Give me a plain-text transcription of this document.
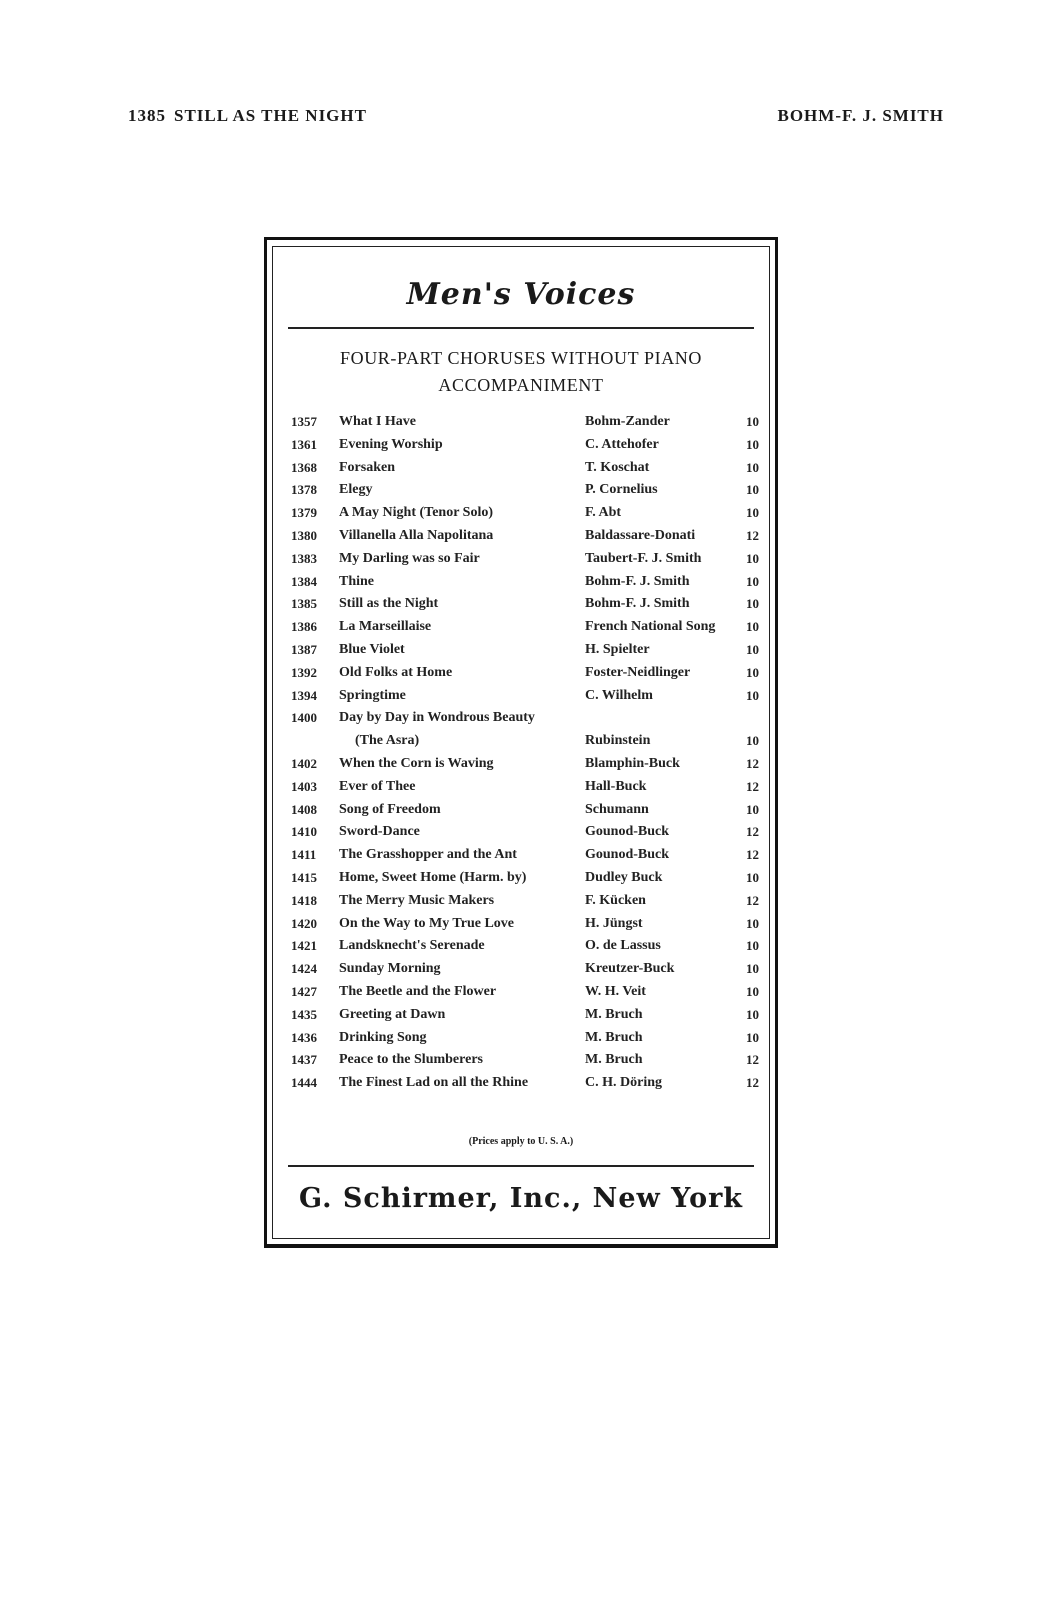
1385 STILL AS THE NIGHT	BOHM-F. J. SMITH
Men's Voices
FOUR-PART CHORUSES WITHOUT PIANO
ACCOMPANIMENT
1357	What I Have	Bohm-Zander	10
1361	Evening Worship	C. Attehofer	10
1368	Forsaken	T. Koschat	10
1378	Elegy	P. Cornelius	10
1379	A May Night (Tenor Solo)	F. Abt	10
1380	Villanella Alla Napolitana	Baldassare-Donati	12
1383	My Darling was so Fair	Taubert-F. J. Smith	10
1384	Thine	Bohm-F. J. Smith	10
1385	Still as the Night	Bohm-F. J. Smith	10
1386	La Marseillaise	French National Song	10
1387	Blue Violet	H. Spielter	10
1392	Old Folks at Home	Foster-Neidlinger	10
1394	Springtime	C. Wilhelm	10
1400	Day by Day in Wondrous Beauty
(The Asra)	Rubinstein	10
1402	When the Corn is Waving	Blamphin-Buck	12
1403	Ever of Thee	Hall-Buck	12
1408	Song of Freedom	Schumann	10
1410	Sword-Dance	Gounod-Buck	12
1411	The Grasshopper and the Ant	Gounod-Buck	12
1415	Home, Sweet Home (Harm. by)	Dudley Buck	10
1418	The Merry Music Makers	F. Kücken	12
1420	On the Way to My True Love	H. Jüngst	10
1421	Landsknecht's Serenade	O. de Lassus	10
1424	Sunday Morning	Kreutzer-Buck	10
1427	The Beetle and the Flower	W. H. Veit	10
1435	Greeting at Dawn	M. Bruch	10
1436	Drinking Song	M. Bruch	10
1437	Peace to the Slumberers	M. Bruch	12
1444	The Finest Lad on all the Rhine	C. H. Döring	12
(Prices apply to U. S. A.)
G. Schirmer, Inc., New York
